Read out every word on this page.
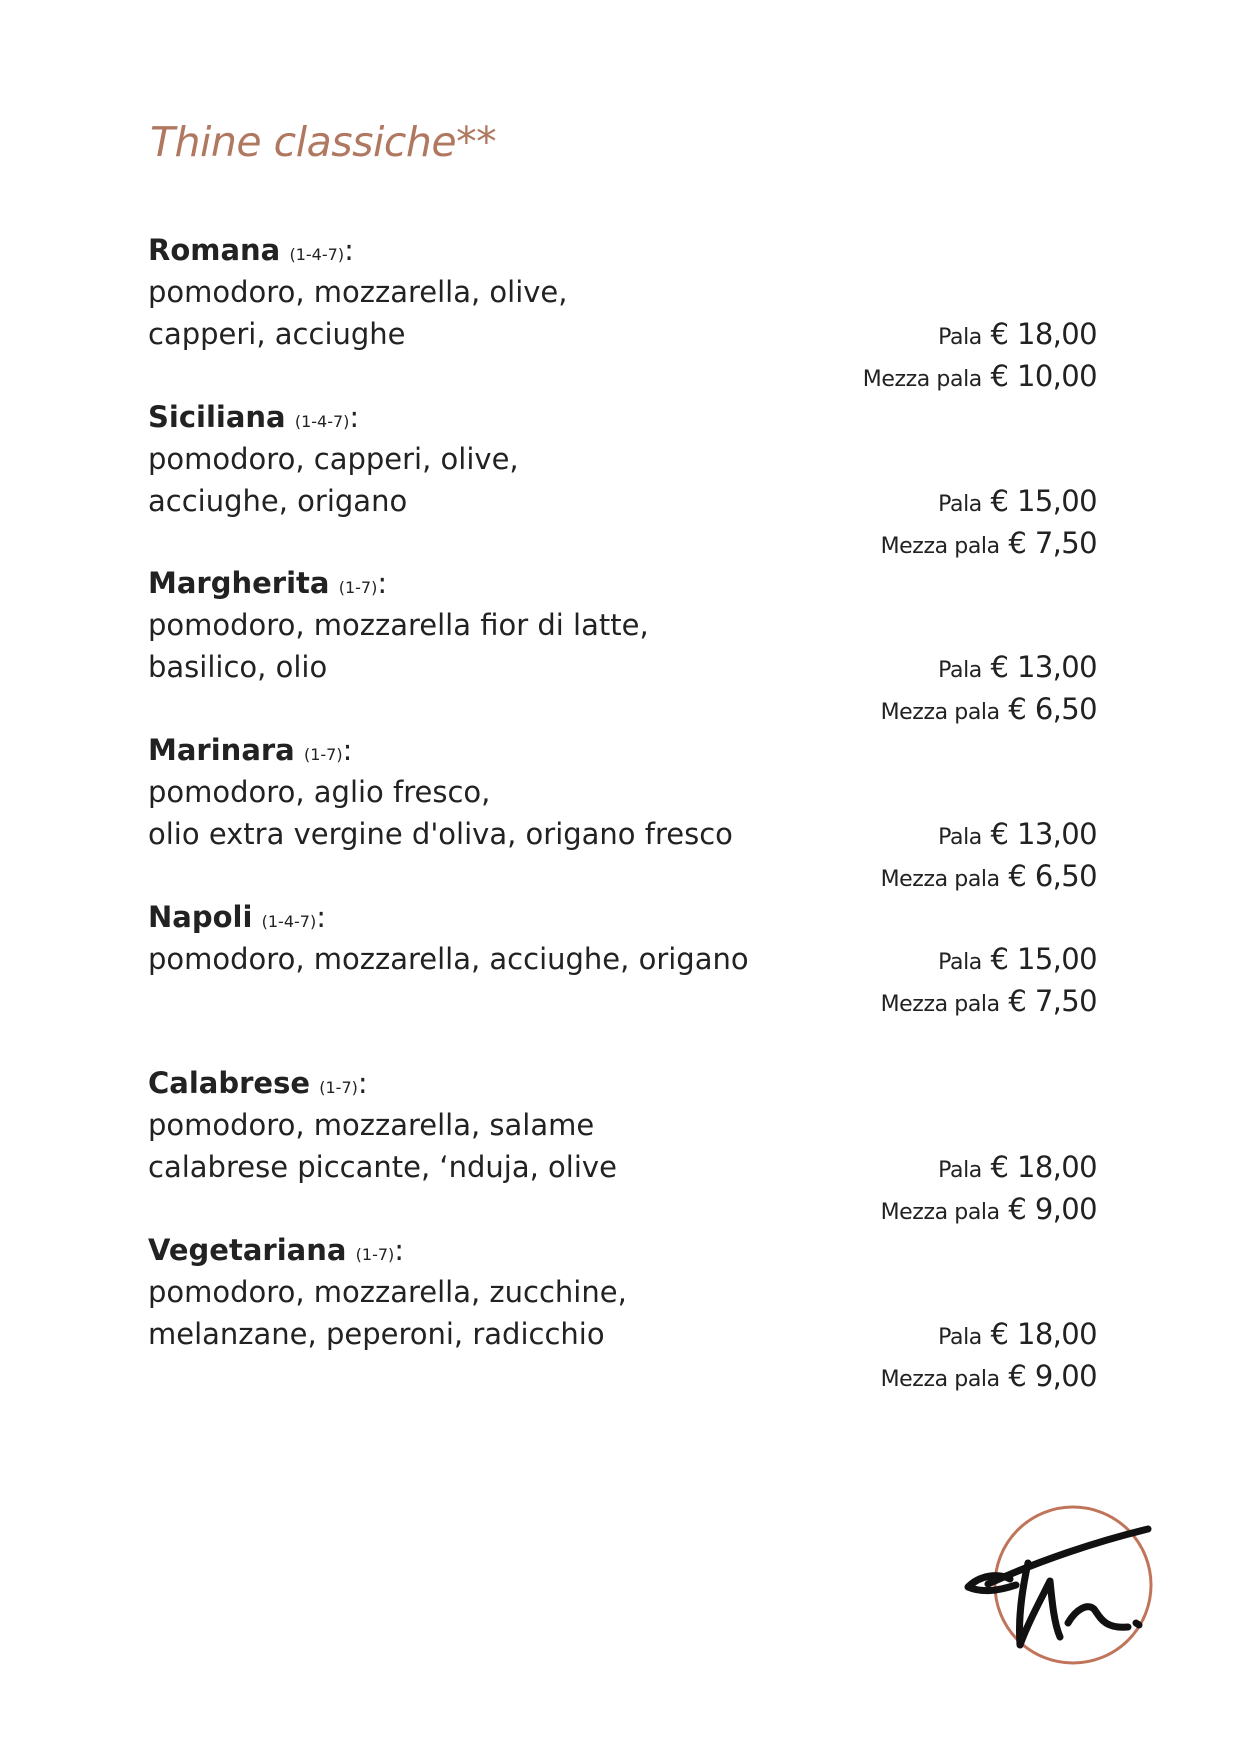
Thine classiche**
Romana (1-4-7):
pomodoro, mozzarella, olive,
capperi, acciughe	Pala € 18,00
Mezza pala € 10,00
Siciliana (1-4-7):
pomodoro, capperi, olive,
acciughe, origano	Pala € 15,00
Mezza pala € 7,50
Margherita (1-7):
pomodoro, mozzarella fior di latte,
basilico, olio	Pala € 13,00
Mezza pala € 6,50
Marinara (1-7):
pomodoro, aglio fresco,
olio extra vergine d'oliva, origano fresco	Pala € 13,00
Mezza pala € 6,50
Napoli (1-4-7):
pomodoro, mozzarella, acciughe, origano	Pala € 15,00
Mezza pala € 7,50
Calabrese (1-7):
pomodoro, mozzarella, salame
calabrese piccante, ‘nduja, olive	Pala € 18,00
Mezza pala € 9,00
Vegetariana (1-7):
pomodoro, mozzarella, zucchine,
melanzane, peperoni, radicchio	Pala € 18,00
Mezza pala € 9,00
